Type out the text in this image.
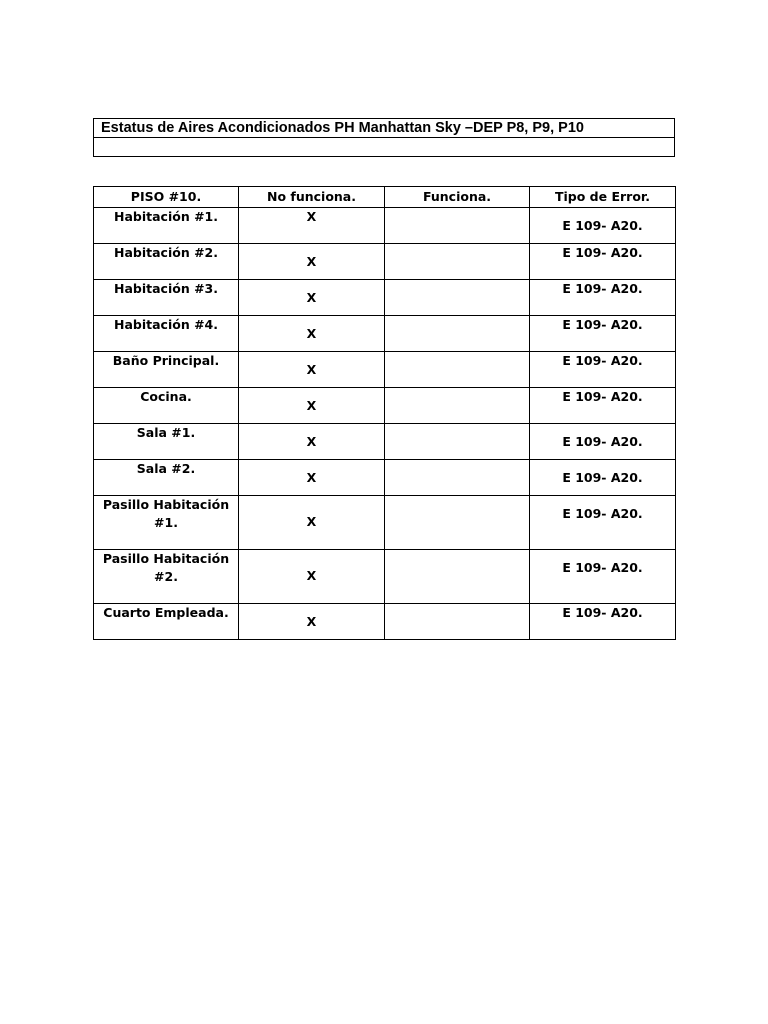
Estatus de Aires Acondicionados PH Manhattan Sky –DEP P8, P9, P10
PISO #10.	No funciona.	Funciona.	Tipo de Error.

Habitación #1.	X		E 109- A20.

Habitación #2.	X		E 109- A20.

Habitación #3.	X		E 109- A20.

Habitación #4.	X		E 109- A20.

Baño Principal.	X		E 109- A20.

Cocina.	X		E 109- A20.

Sala #1.	X		E 109- A20.

Sala #2.	X		E 109- A20.

Pasillo Habitación #1.	X		E 109- A20.

Pasillo Habitación #2.	X		E 109- A20.

Cuarto Empleada.	X		E 109- A20.
